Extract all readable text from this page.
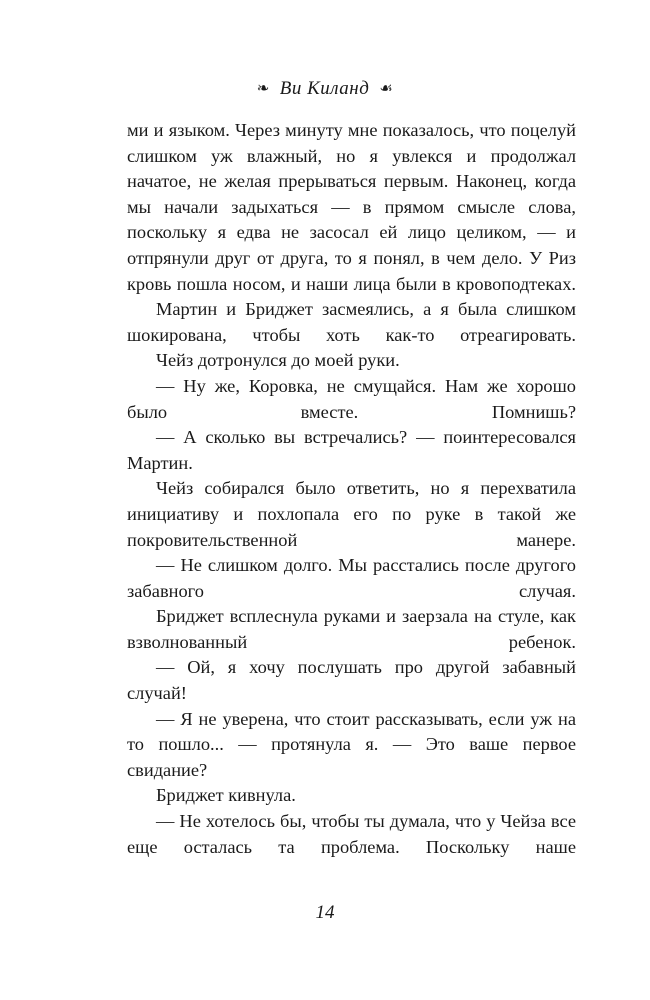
❧ Ви Киланд ☙

ми и языком. Через минуту мне показалось, что поцелуй слишком уж влажный, но я увлекся и продолжал начатое, не желая прерываться первым. Наконец, когда мы начали задыхаться — в прямом смысле слова, поскольку я едва не засосал ей лицо целиком, — и отпрянули друг от друга, то я понял, в чем дело. У Риз кровь пошла носом, и наши лица были в кровоподтеках.

Мартин и Бриджет засмеялись, а я была слишком шокирована, чтобы хоть как-то отреагировать.

Чейз дотронулся до моей руки.

— Ну же, Коровка, не смущайся. Нам же хорошо было вместе. Помнишь?

— А сколько вы встречались? — поинтересовался Мартин.

Чейз собирался было ответить, но я перехватила инициативу и похлопала его по руке в такой же покровительственной манере.

— Не слишком долго. Мы расстались после другого забавного случая.

Бриджет всплеснула руками и заерзала на стуле, как взволнованный ребенок.

— Ой, я хочу послушать про другой забавный случай!

— Я не уверена, что стоит рассказывать, если уж на то пошло... — протянула я. — Это ваше первое свидание?

Бриджет кивнула.

— Не хотелось бы, чтобы ты думала, что у Чейза все еще осталась та проблема. Поскольку наше

14
